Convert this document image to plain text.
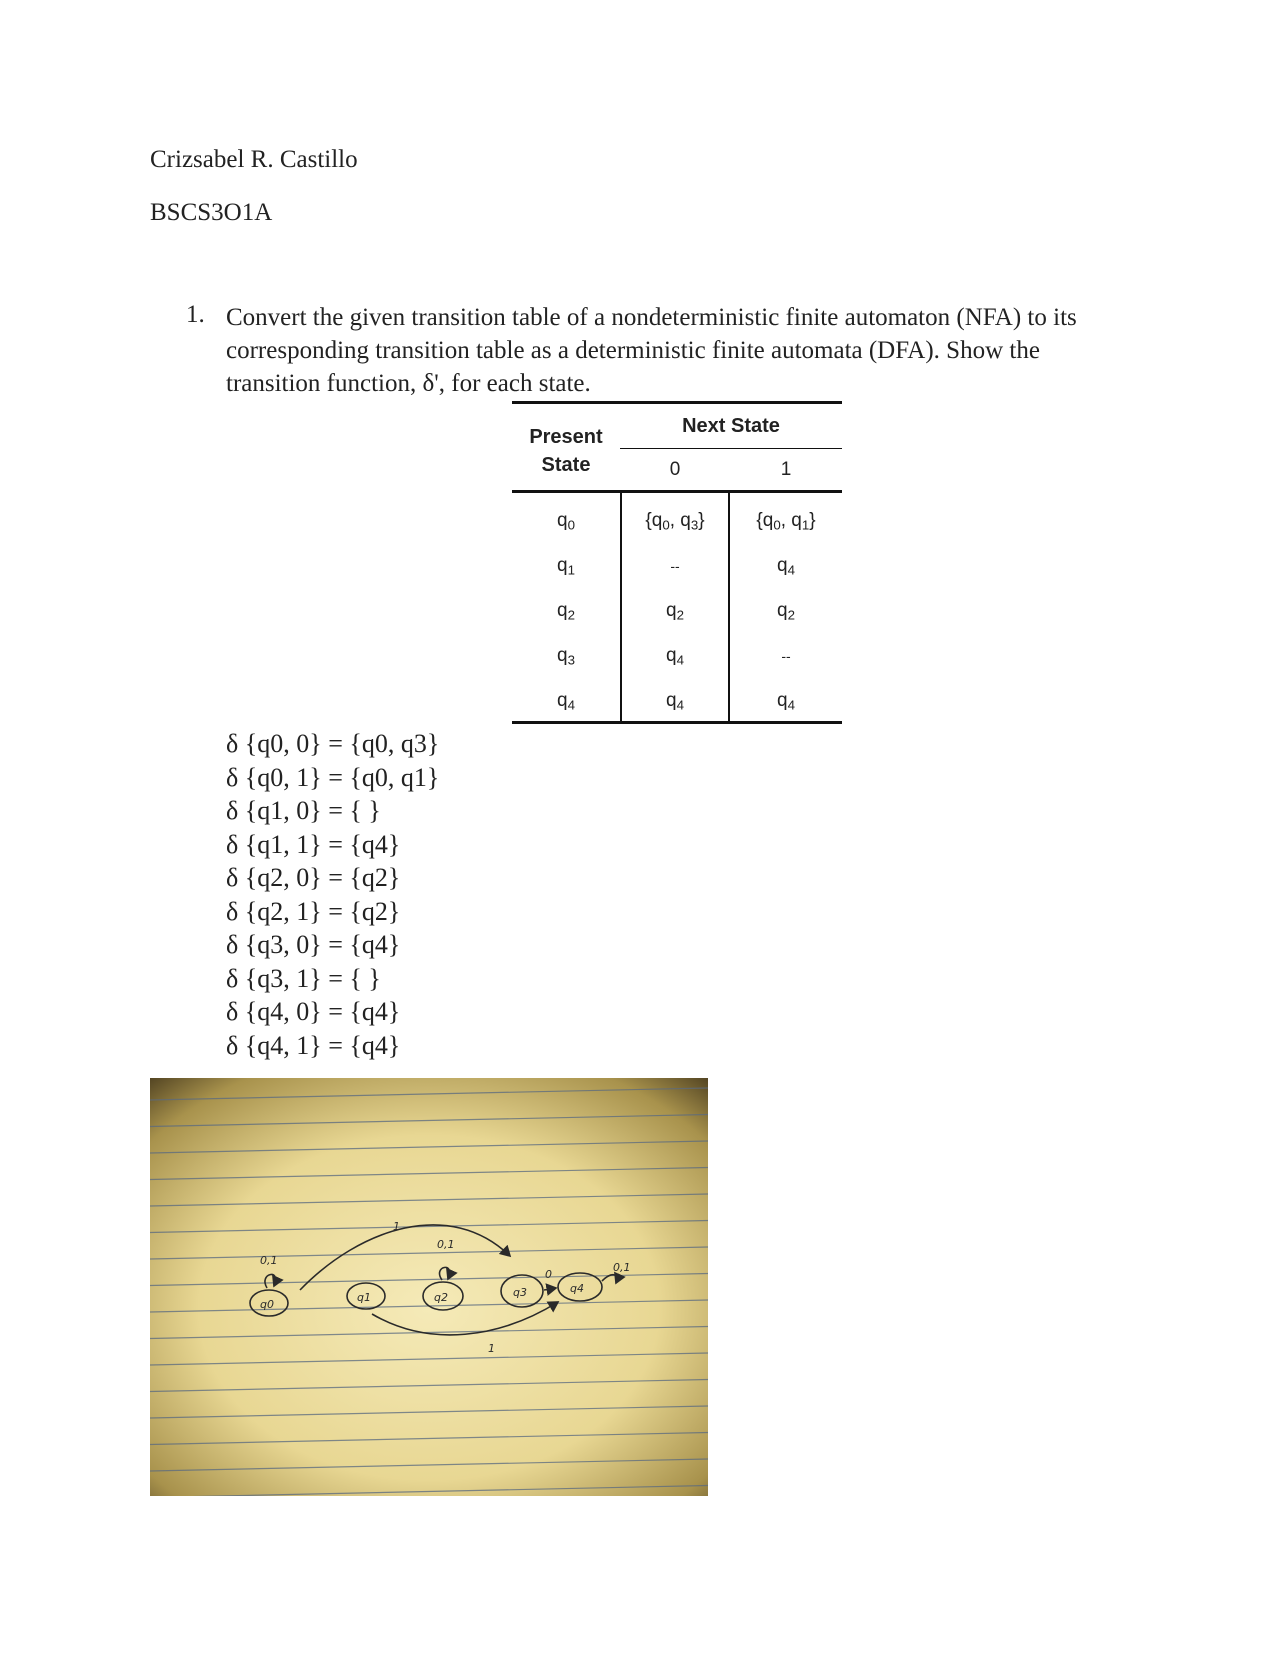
Crizsabel R. Castillo
BSCS3O1A
1. Convert the given transition table of a nondeterministic finite automaton (NFA) to its corresponding transition table as a deterministic finite automata (DFA). Show the transition function, δ', for each state.
Present
State
Next State
0	1
q0	{q0, q3}	{q0, q1}
q1	--	q4
q2	q2	q2
q3	q4	--
q4	q4	q4
δ {q0, 0} = {q0, q3}
δ {q0, 1} = {q0, q1}
δ {q1, 0} = { }
δ {q1, 1} = {q4}
δ {q2, 0} = {q2}
δ {q2, 1} = {q2}
δ {q3, 0} = {q4}
δ {q3, 1} = { }
δ {q4, 0} = {q4}
δ {q4, 1} = {q4}
q0
q1	q2	q3	q4
0,1
0,1
0,1
1
1
0
